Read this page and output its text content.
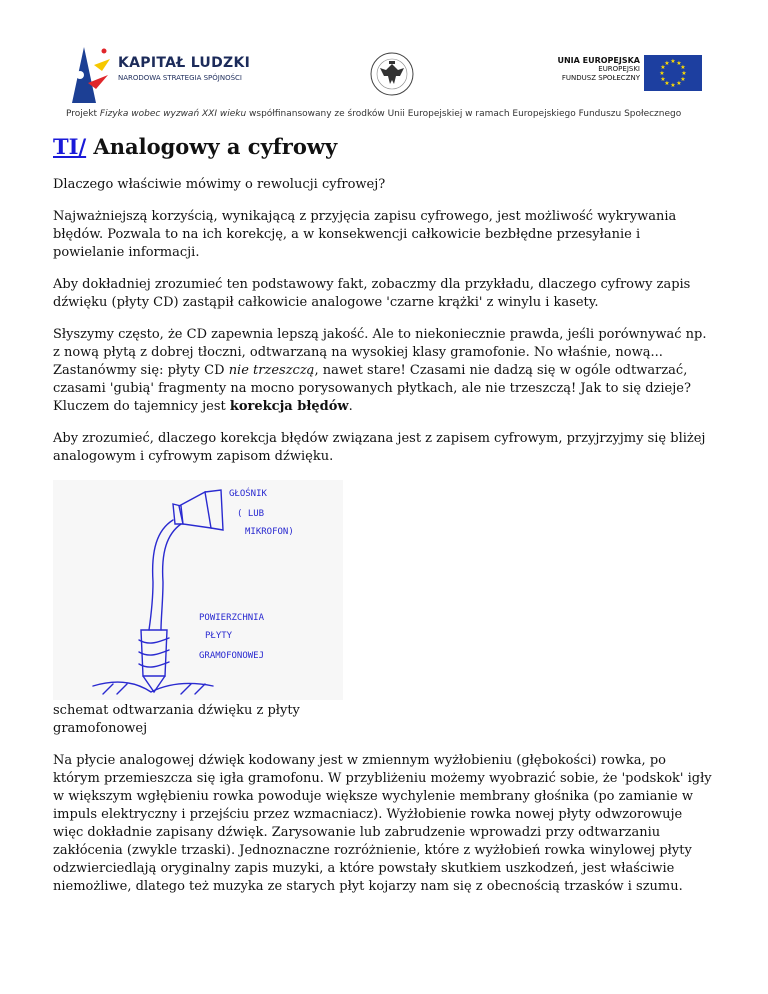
KAPITAŁ LUDZKI
NARODOWA STRATEGIA SPÓJNOŚCI
UNIA EUROPEJSKA
EUROPEJSKI
FUNDUSZ SPOŁECZNY
★ ★
★
★
★
★
★
★
★
★
★
★
Projekt Fizyka wobec wyzwań XXI wieku współfinansowany ze środków Unii Europejskiej w ramach Europejskiego Funduszu Społecznego
TI/ Analogowy a cyfrowy

Dlaczego właściwie mówimy o rewolucji cyfrowej?

Najważniejszą korzyścią, wynikającą z przyjęcia zapisu cyfrowego, jest możliwość wykrywania błędów. Pozwala to na ich korekcję, a w konsekwencji całkowicie bezbłędne przesyłanie i powielanie informacji.

Aby dokładniej zrozumieć ten podstawowy fakt, zobaczmy dla przykładu, dlaczego cyfrowy zapis dźwięku (płyty CD) zastąpił całkowicie analogowe 'czarne krążki' z winylu i kasety.

Słyszymy często, że CD zapewnia lepszą jakość. Ale to niekoniecznie prawda, jeśli porównywać np. z nową płytą z dobrej tłoczni, odtwarzaną na wysokiej klasy gramofonie. No właśnie, nową... Zastanówmy się: płyty CD nie trzeszczą, nawet stare! Czasami nie dadzą się w ogóle odtwarzać, czasami 'gubią' fragmenty na mocno porysowanych płytkach, ale nie trzeszczą! Jak to się dzieje? Kluczem do tajemnicy jest korekcja błędów.

Aby zrozumieć, dlaczego korekcja błędów związana jest z zapisem cyfrowym, przyjrzyjmy się bliżej analogowym i cyfrowym zapisom dźwięku.

GŁOŚNIK
( LUB
MIKROFON)
POWIERZCHNIA
PŁYTY
GRAMOFONOWEJ
schemat odtwarzania dźwięku z płyty gramofonowej

Na płycie analogowej dźwięk kodowany jest w zmiennym wyżłobieniu (głębokości) rowka, po którym przemieszcza się igła gramofonu. W przybliżeniu możemy wyobrazić sobie, że 'podskok' igły w większym wgłębieniu rowka powoduje większe wychylenie membrany głośnika (po zamianie w impuls elektryczny i przejściu przez wzmacniacz). Wyżłobienie rowka nowej płyty odwzorowuje więc dokładnie zapisany dźwięk. Zarysowanie lub zabrudzenie wprowadzi przy odtwarzaniu zakłócenia (zwykle trzaski). Jednoznaczne rozróżnienie, które z wyżłobień rowka winylowej płyty odzwierciedlają oryginalny zapis muzyki, a które powstały skutkiem uszkodzeń, jest właściwie niemożliwe, dlatego też muzyka ze starych płyt kojarzy nam się z obecnością trzasków i szumu.
